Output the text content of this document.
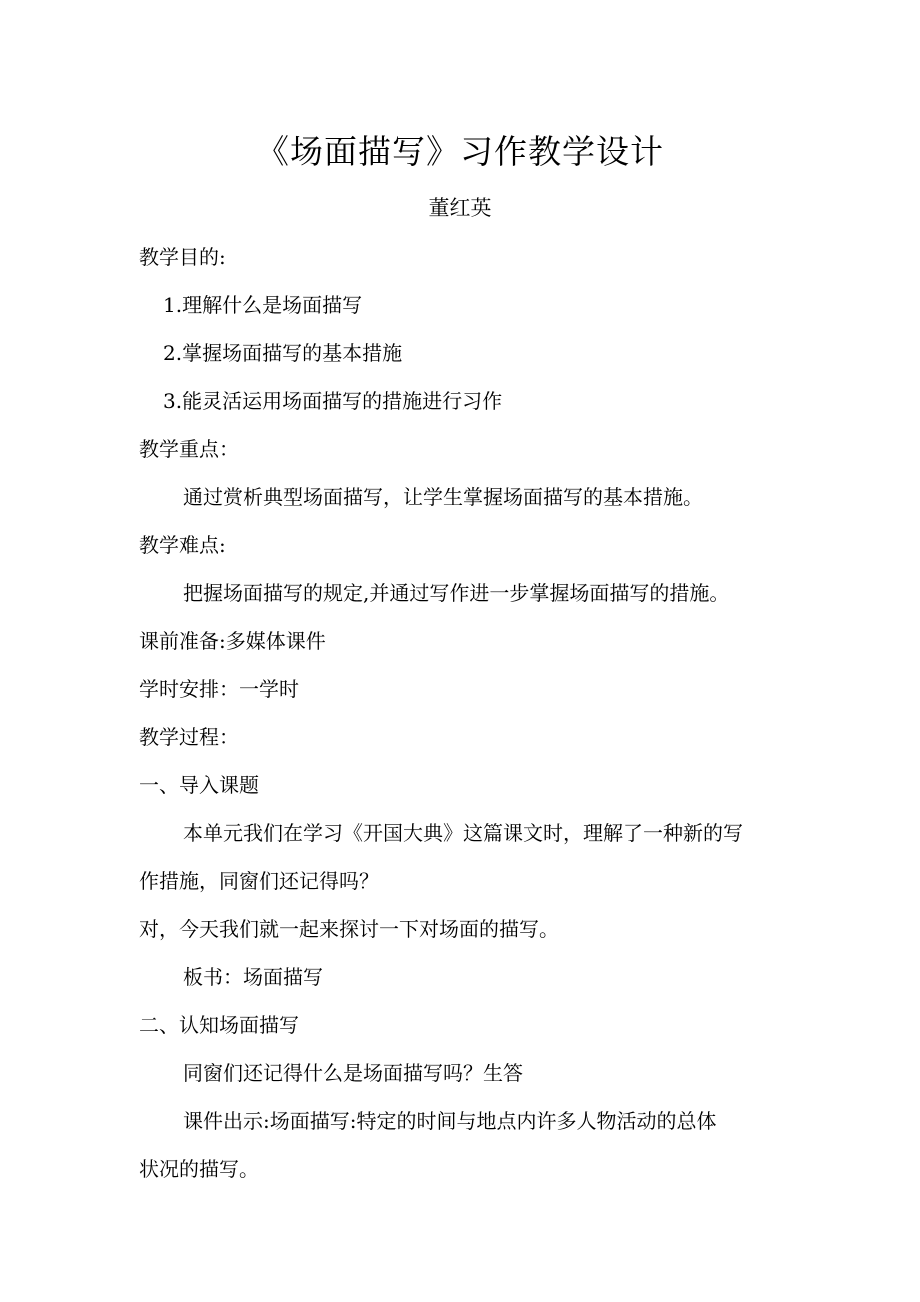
《场面描写》习作教学设计
董红英
教学目的:
1.理解什么是场面描写
2.掌握场面描写的基本措施
3.能灵活运用场面描写的措施进行习作
教学重点：
通过赏析典型场面描写，让学生掌握场面描写的基本措施。
教学难点:
把握场面描写的规定,并通过写作进一步掌握场面描写的措施。
课前准备:多媒体课件
学时安排：一学时
教学过程：
一、导入课题
本单元我们在学习《开国大典》这篇课文时，理解了一种新的写
作措施，同窗们还记得吗？
对，今天我们就一起来探讨一下对场面的描写。
板书：场面描写
二、认知场面描写
同窗们还记得什么是场面描写吗？生答
课件出示:场面描写:特定的时间与地点内许多人物活动的总体
状况的描写。
